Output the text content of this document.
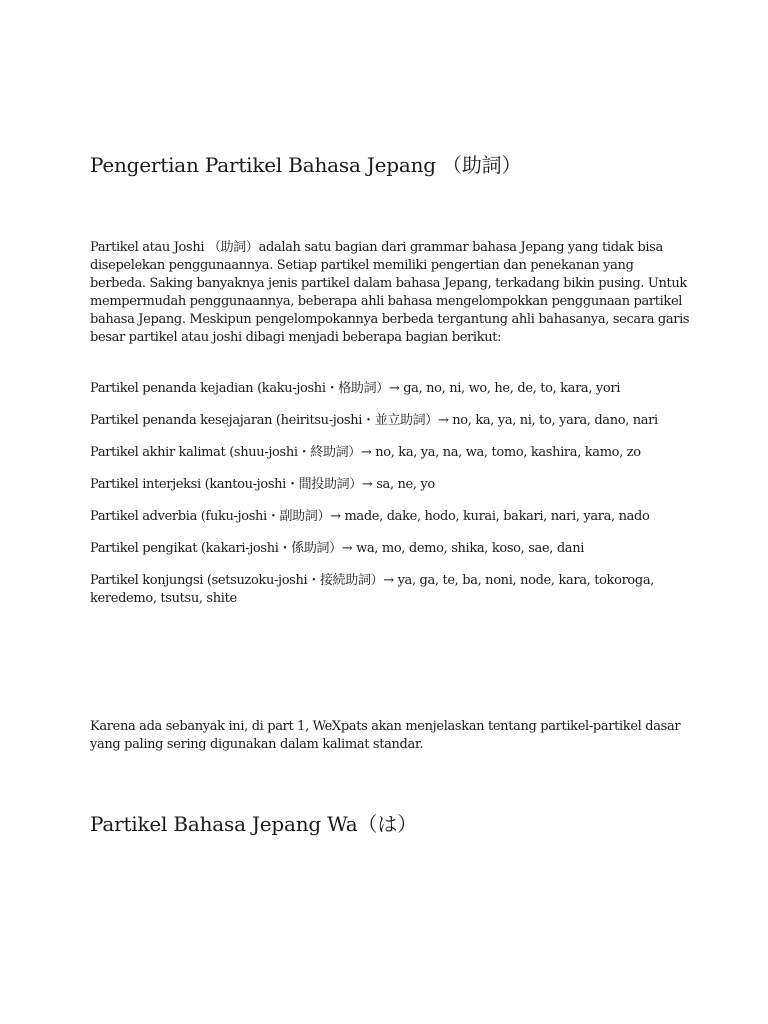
Pengertian Partikel Bahasa Jepang （助詞）

Partikel atau Joshi （助詞）adalah satu bagian dari grammar bahasa Jepang yang tidak bisa disepelekan penggunaannya. Setiap partikel memiliki pengertian dan penekanan yang berbeda. Saking banyaknya jenis partikel dalam bahasa Jepang, terkadang bikin pusing. Untuk mempermudah penggunaannya, beberapa ahli bahasa mengelompokkan penggunaan partikel bahasa Jepang. Meskipun pengelompokannya berbeda tergantung ahli bahasanya, secara garis besar partikel atau joshi dibagi menjadi beberapa bagian berikut:

Partikel penanda kejadian (kaku-joshi・格助詞）→ ga, no, ni, wo, he, de, to, kara, yori
Partikel penanda kesejajaran (heiritsu-joshi・並立助詞）→ no, ka, ya, ni, to, yara, dano, nari
Partikel akhir kalimat (shuu-joshi・終助詞）→ no, ka, ya, na, wa, tomo, kashira, kamo, zo
Partikel interjeksi (kantou-joshi・間投助詞）→ sa, ne, yo
Partikel adverbia (fuku-joshi・副助詞）→ made, dake, hodo, kurai, bakari, nari, yara, nado
Partikel pengikat (kakari-joshi・係助詞）→ wa, mo, demo, shika, koso, sae, dani
Partikel konjungsi (setsuzoku-joshi・接続助詞）→ ya, ga, te, ba, noni, node, kara, tokoroga, keredemo, tsutsu, shite

Karena ada sebanyak ini, di part 1, WeXpats akan menjelaskan tentang partikel-partikel dasar yang paling sering digunakan dalam kalimat standar.

Partikel Bahasa Jepang Wa（は）
